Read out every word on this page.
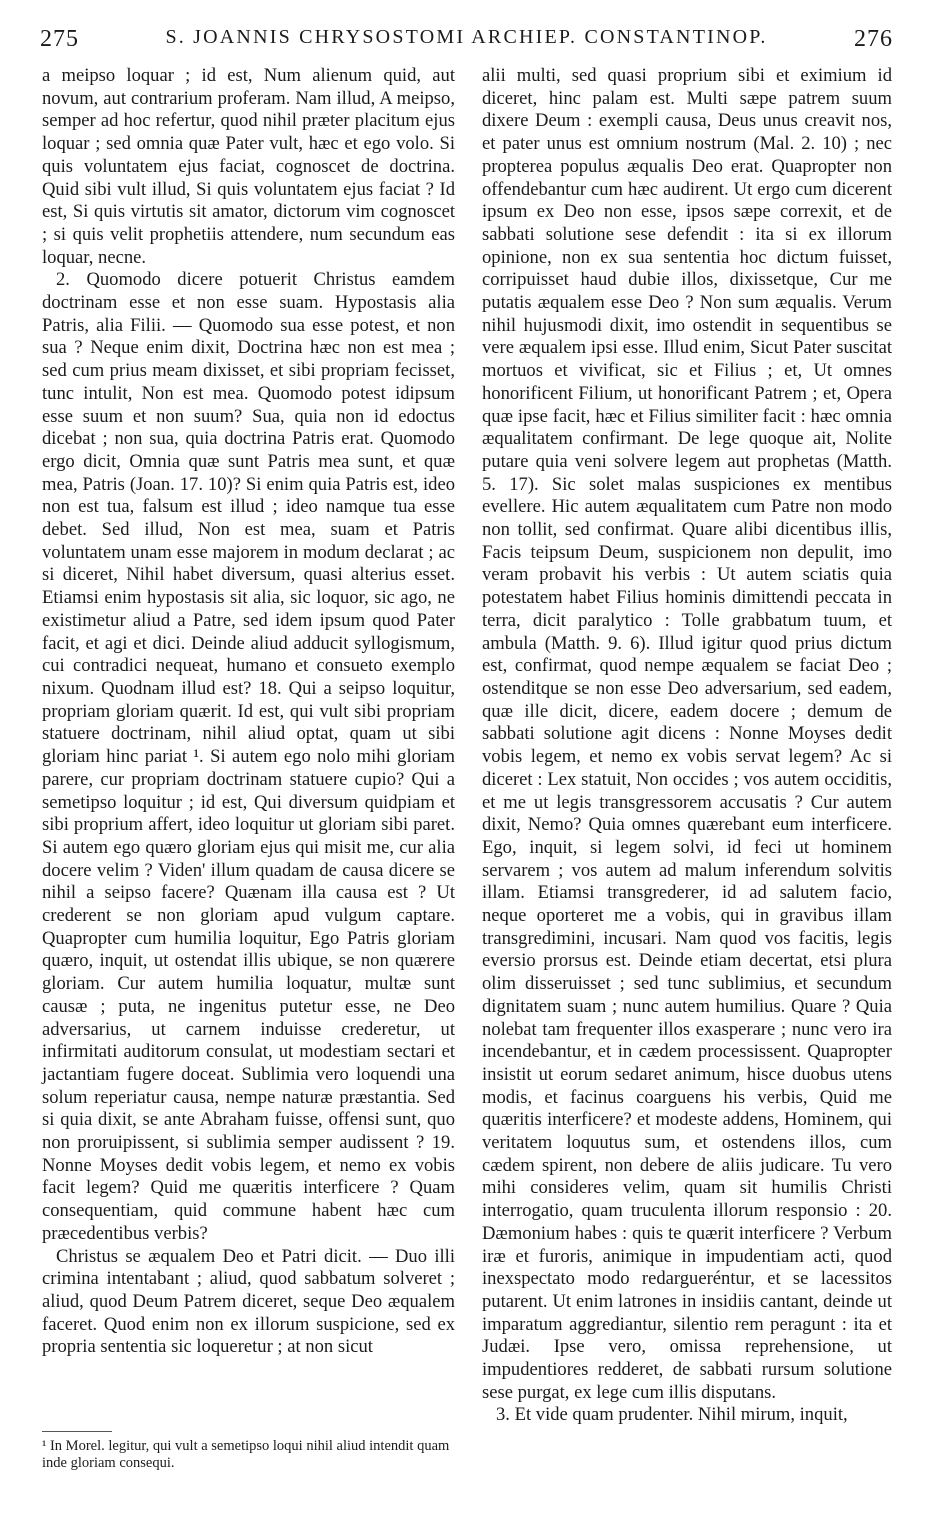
275	S. JOANNIS CHRYSOSTOMI ARCHIEP. CONSTANTINOP.	276

a meipso loquar ; id est, Num alienum quid, aut novum, aut contrarium proferam. Nam illud, A meipso, semper ad hoc refertur, quod nihil præter placitum ejus loquar ; sed omnia quæ Pater vult, hæc et ego volo. Si quis voluntatem ejus faciat, cognoscet de doctrina. Quid sibi vult illud, Si quis voluntatem ejus faciat ? Id est, Si quis virtutis sit amator, dictorum vim cognoscet ; si quis velit prophetiis attendere, num secundum eas loquar, necne.

2. Quomodo dicere potuerit Christus eamdem doctrinam esse et non esse suam. Hypostasis alia Patris, alia Filii. — Quomodo sua esse potest, et non sua ? Neque enim dixit, Doctrina hæc non est mea ; sed cum prius meam dixisset, et sibi propriam fecisset, tunc intulit, Non est mea. Quomodo potest idipsum esse suum et non suum? Sua, quia non id edoctus dicebat ; non sua, quia doctrina Patris erat. Quomodo ergo dicit, Omnia quæ sunt Patris mea sunt, et quæ mea, Patris (Joan. 17. 10)? Si enim quia Patris est, ideo non est tua, falsum est illud ; ideo namque tua esse debet. Sed illud, Non est mea, suam et Patris voluntatem unam esse majorem in modum declarat ; ac si diceret, Nihil habet diversum, quasi alterius esset. Etiamsi enim hypostasis sit alia, sic loquor, sic ago, ne existimetur aliud a Patre, sed idem ipsum quod Pater facit, et agi et dici. Deinde aliud adducit syllogismum, cui contradici nequeat, humano et consueto exemplo nixum. Quodnam illud est? 18. Qui a seipso loquitur, propriam gloriam quærit. Id est, qui vult sibi propriam statuere doctrinam, nihil aliud optat, quam ut sibi gloriam hinc pariat ¹. Si autem ego nolo mihi gloriam parere, cur propriam doctrinam statuere cupio? Qui a semetipso loquitur ; id est, Qui diversum quidpiam et sibi proprium affert, ideo loquitur ut gloriam sibi paret. Si autem ego quæro gloriam ejus qui misit me, cur alia docere velim ? Viden' illum quadam de causa dicere se nihil a seipso facere? Quænam illa causa est ? Ut crederent se non gloriam apud vulgum captare. Quapropter cum humilia loquitur, Ego Patris gloriam quæro, inquit, ut ostendat illis ubique, se non quærere gloriam. Cur autem humilia loquatur, multæ sunt causæ ; puta, ne ingenitus putetur esse, ne Deo adversarius, ut carnem induisse crederetur, ut infirmitati auditorum consulat, ut modestiam sectari et jactantiam fugere doceat. Sublimia vero loquendi una solum reperiatur causa, nempe naturæ præstantia. Sed si quia dixit, se ante Abraham fuisse, offensi sunt, quo non proruipissent, si sublimia semper audissent ? 19. Nonne Moyses dedit vobis legem, et nemo ex vobis facit legem? Quid me quæritis interficere ? Quam consequentiam, quid commune habent hæc cum præcedentibus verbis?

Christus se æqualem Deo et Patri dicit. — Duo illi crimina intentabant ; aliud, quod sabbatum solveret ; aliud, quod Deum Patrem diceret, seque Deo æqualem faceret. Quod enim non ex illorum suspicione, sed ex propria sententia sic loqueretur ; at non sicut

alii multi, sed quasi proprium sibi et eximium id diceret, hinc palam est. Multi sæpe patrem suum dixere Deum : exempli causa, Deus unus creavit nos, et pater unus est omnium nostrum (Mal. 2. 10) ; nec propterea populus æqualis Deo erat. Quapropter non offendebantur cum hæc audirent. Ut ergo cum dicerent ipsum ex Deo non esse, ipsos sæpe correxit, et de sabbati solutione sese defendit : ita si ex illorum opinione, non ex sua sententia hoc dictum fuisset, corripuisset haud dubie illos, dixissetque, Cur me putatis æqualem esse Deo ? Non sum æqualis. Verum nihil hujusmodi dixit, imo ostendit in sequentibus se vere æqualem ipsi esse. Illud enim, Sicut Pater suscitat mortuos et vivificat, sic et Filius ; et, Ut omnes honorificent Filium, ut honorificant Patrem ; et, Opera quæ ipse facit, hæc et Filius similiter facit : hæc omnia æqualitatem confirmant. De lege quoque ait, Nolite putare quia veni solvere legem aut prophetas (Matth. 5. 17). Sic solet malas suspiciones ex mentibus evellere. Hic autem æqualitatem cum Patre non modo non tollit, sed confirmat. Quare alibi dicentibus illis, Facis teipsum Deum, suspicionem non depulit, imo veram probavit his verbis : Ut autem sciatis quia potestatem habet Filius hominis dimittendi peccata in terra, dicit paralytico : Tolle grabbatum tuum, et ambula (Matth. 9. 6). Illud igitur quod prius dictum est, confirmat, quod nempe æqualem se faciat Deo ; ostenditque se non esse Deo adversarium, sed eadem, quæ ille dicit, dicere, eadem docere ; demum de sabbati solutione agit dicens : Nonne Moyses dedit vobis legem, et nemo ex vobis servat legem? Ac si diceret : Lex statuit, Non occides ; vos autem occiditis, et me ut legis transgressorem accusatis ? Cur autem dixit, Nemo? Quia omnes quærebant eum interficere. Ego, inquit, si legem solvi, id feci ut hominem servarem ; vos autem ad malum inferendum solvitis illam. Etiamsi transgrederer, id ad salutem facio, neque oporteret me a vobis, qui in gravibus illam transgredimini, incusari. Nam quod vos facitis, legis eversio prorsus est. Deinde etiam decertat, etsi plura olim disseruisset ; sed tunc sublimius, et secundum dignitatem suam ; nunc autem humilius. Quare ? Quia nolebat tam frequenter illos exasperare ; nunc vero ira incendebantur, et in cædem processissent. Quapropter insistit ut eorum sedaret animum, hisce duobus utens modis, et facinus coarguens his verbis, Quid me quæritis interficere? et modeste addens, Hominem, qui veritatem loquutus sum, et ostendens illos, cum cædem spirent, non debere de aliis judicare. Tu vero mihi consideres velim, quam sit humilis Christi interrogatio, quam truculenta illorum responsio : 20. Dæmonium habes : quis te quærit interficere ? Verbum iræ et furoris, animique in impudentiam acti, quod inexspectato modo redargueréntur, et se lacessitos putarent. Ut enim latrones in insidiis cantant, deinde ut imparatum aggrediantur, silentio rem peragunt : ita et Judæi. Ipse vero, omissa reprehensione, ut impudentiores redderet, de sabbati rursum solutione sese purgat, ex lege cum illis disputans.

3. Et vide quam prudenter. Nihil mirum, inquit,

¹ In Morel. legitur, qui vult a semetipso loqui nihil aliud intendit quam inde gloriam consequi.
